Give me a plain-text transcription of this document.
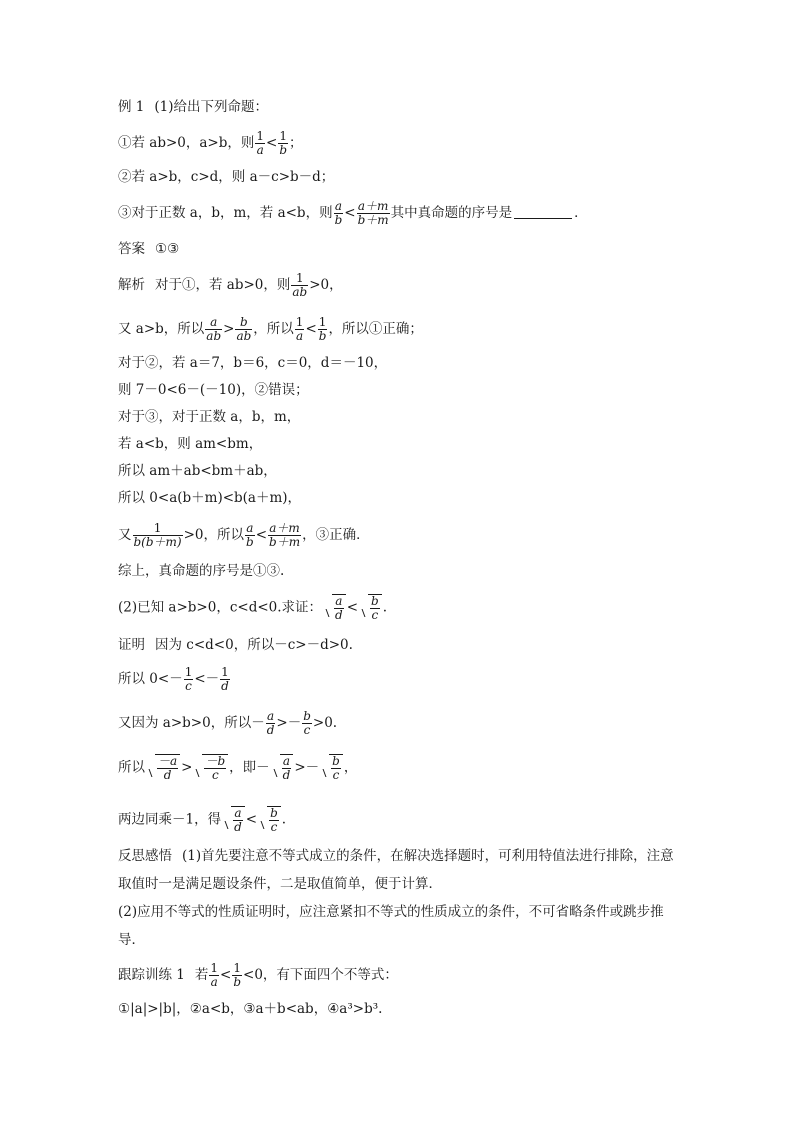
例 1 (1)给出下列命题：
①若 ab>0，a>b，则 $\frac{1}{a} < \frac{1}{b}$ ；
②若 a>b，c>d，则 a－c>b－d；
③对于正数 a，b，m，若 a<b，则 $\frac{a}{b} < \frac{a+m}{b+m}$ 其中真命题的序号是	．
答案 ①③
解析 对于①，若 ab>0，则 $\frac{1}{ab} >0$，
又 a>b，所以 $\frac{a}{ab} > \frac{b}{ab}$ ，所以 $\frac{1}{a} < \frac{1}{b}$ ，所以①正确；
对于②，若 a＝7，b＝6，c＝0，d＝－10，
则 7－0<6－(－10)，②错误；
对于③，对于正数 a，b，m，
若 a<b，则 am<bm，
所以 am＋ab<bm＋ab，
所以 0<a(b＋m)<b(a＋m)，
又 $\frac{1}{b(b+m)} >0$，所以 $\frac{a}{b} < \frac{a+m}{b+m}$ ，③正确．
综上，真命题的序号是①③.
(2)已知 a>b>0，c<d<0.求证： $\frac{a}{d} < \frac{b}{c}$ .
证明 因为 c<d<0，所以－c>－d>0.
所以 $0<- \frac{1}{c} <- \frac{1}{d}$
又因为 a>b>0，所以－ $\frac{a}{d} >- \frac{b}{c} >0$.
所以 $\frac{-a}{d} > \frac{-b}{c}$ ，即－ $\frac{a}{d} >- \frac{b}{c}$ ，
两边同乘－1，得 $\frac{a}{d} < \frac{b}{c}$ .
反思感悟 (1)首先要注意不等式成立的条件，在解决选择题时，可利用特值法进行排除，注意取值时一是满足题设条件，二是取值简单，便于计算．
(2)应用不等式的性质证明时，应注意紧扣不等式的性质成立的条件，不可省略条件或跳步推导．
跟踪训练 1 若 $\frac{1}{a} < \frac{1}{b} <0$，有下面四个不等式：
①|a|>|b|，②a<b，③a＋b<ab，④a³>b³.
